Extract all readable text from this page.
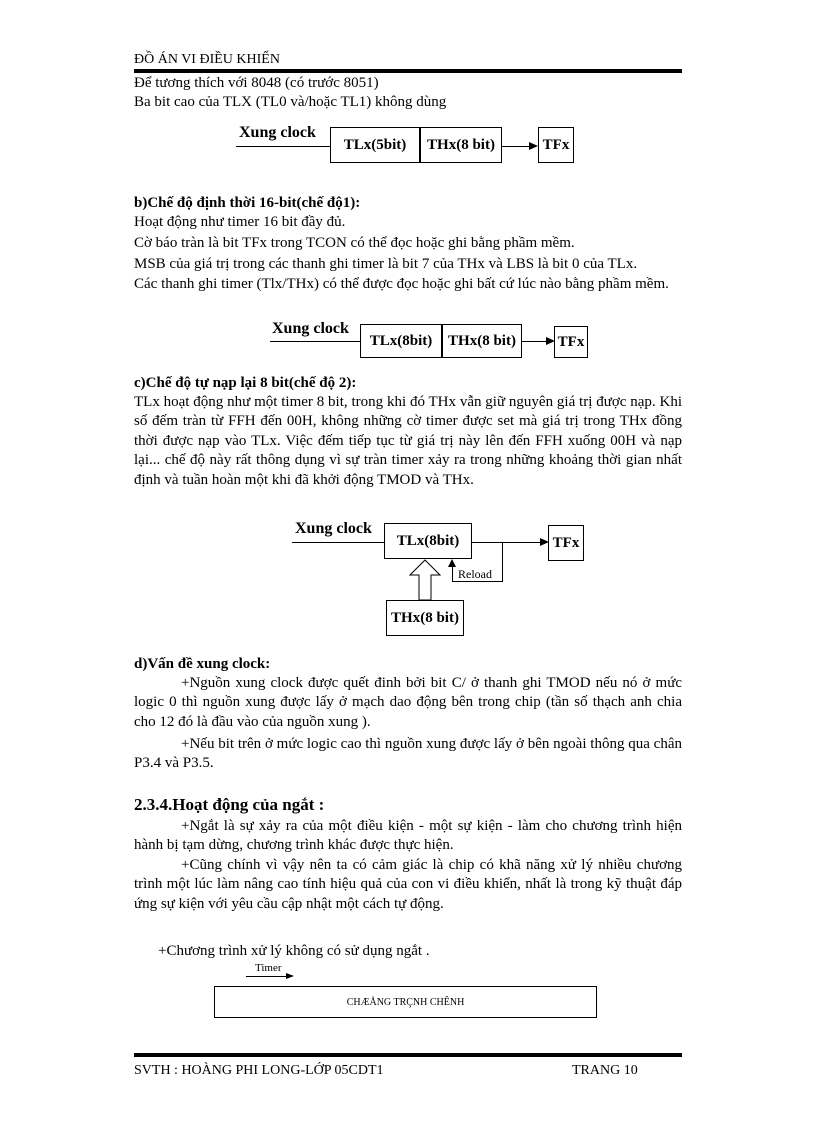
ĐỒ ÁN VI ĐIỀU KHIỂN
Để tương thích với 8048 (có trước 8051)
Ba bit cao của TLX (TL0 và/hoặc TL1) không dùng
Xung clock
TLx(5bit)	THx(8 bit)	TFx
b)Chế độ định thời 16-bit(chế độ1):
Hoạt động như timer 16 bit đầy đủ.
Cờ báo tràn là bit TFx trong TCON có thể đọc hoặc ghi bằng phầm mềm.
MSB của giá trị trong các thanh ghi timer là bit 7 của THx và LBS là bit 0 của TLx.
Các thanh ghi timer (Tlx/THx) có thể được đọc hoặc ghi bất cứ lúc nào bằng phầm mềm.
Xung clock
TLx(8bit)	THx(8 bit)	TFx
c)Chế độ tự nạp lại 8 bit(chế độ 2):
TLx hoạt động như một timer 8 bit, trong khi đó THx vẫn giữ nguyên giá trị được nạp. Khi số đếm tràn từ FFH đến 00H, không những cờ timer được set mà giá trị trong THx đồng thời được nạp vào TLx. Việc đếm tiếp tục từ giá trị này lên đến FFH xuống 00H và nạp lại... chế độ này rất thông dụng vì sự tràn timer xảy ra trong những khoảng thời gian nhất định và tuần hoàn một khi đã khởi động TMOD và THx.
Xung clock
TLx(8bit)	TFx
Reload
THx(8 bit)
d)Vấn đề xung clock:
+Nguồn xung clock được quết đinh bởi bit C/ ở thanh ghi TMOD nếu nó ở mức logic 0 thì nguồn xung được lấy ở mạch dao động bên trong chip (tần số thạch anh chia cho 12 đó là đầu vào của nguồn xung ).
+Nếu bit trên ở mức logic cao thì nguồn xung được lấy ở bên ngoài thông qua chân P3.4 và P3.5.
2.3.4.Hoạt động của ngắt :
+Ngắt là sự xảy ra của một điều kiện - một sự kiện - làm cho chương trình hiện hành bị tạm dừng, chương trình khác được thực hiện.
+Cũng chính vì vậy nên ta có cảm giác là chip có khã năng xử lý nhiều chương trình một lúc làm nâng cao tính hiệu quả của con vi điều khiển, nhất là trong kỹ thuật đáp ứng sự kiện với yêu cầu cập nhật một cách tự động.
+Chương trình xử lý không có sử dụng ngắt .
Timer
CHÆÅNG TRÇNH CHÊNH
SVTH : HOÀNG PHI LONG-LỚP 05CDT1	TRANG 10
